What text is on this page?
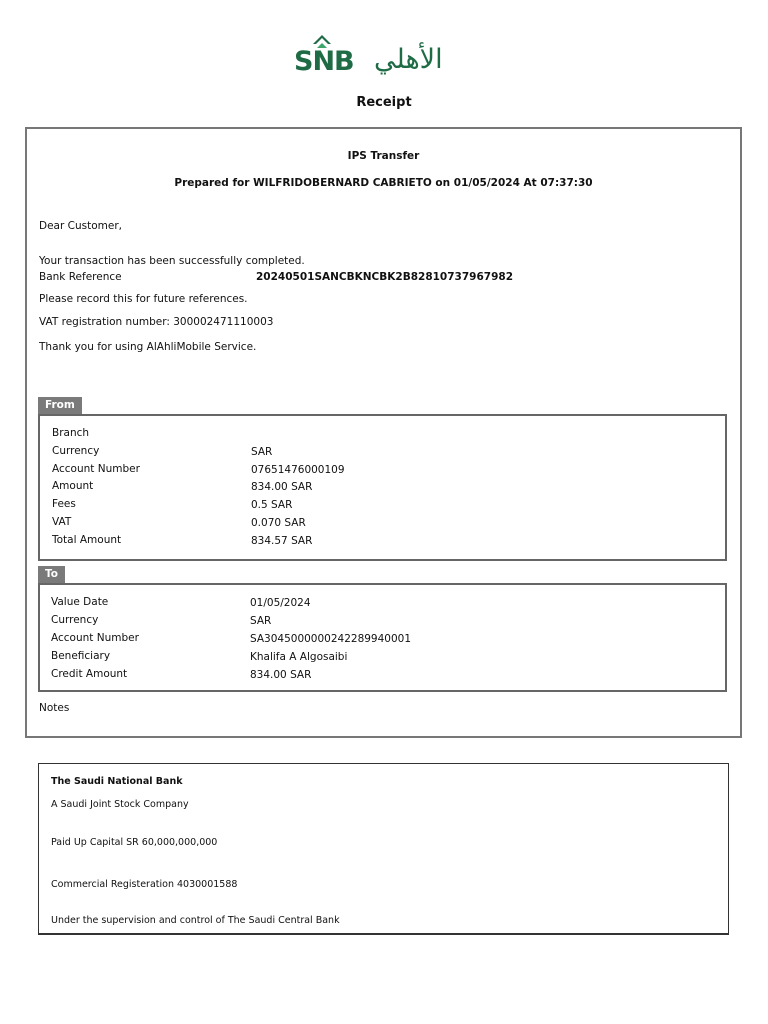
SNB الأهلي
Receipt
IPS Transfer
Prepared for WILFRIDOBERNARD CABRIETO on 01/05/2024 At 07:37:30
Dear Customer,
Your transaction has been successfully completed.
Bank Reference	20240501SANCBKNCBK2B82810737967982
Please record this for future references.
VAT registration number: 300002471110003
Thank you for using AlAhliMobile Service.
From
Branch
Currency	SAR
Account Number	07651476000109
Amount	834.00 SAR
Fees	0.5 SAR
VAT	0.070 SAR
Total Amount	834.57 SAR
To
Value Date	01/05/2024
Currency	SAR
Account Number	SA3045000000242289940001
Beneficiary	Khalifa A Algosaibi
Credit Amount	834.00 SAR
Notes
The Saudi National Bank
A Saudi Joint Stock Company
Paid Up Capital SR 60,000,000,000
Commercial Registeration 4030001588
Under the supervision and control of The Saudi Central Bank
